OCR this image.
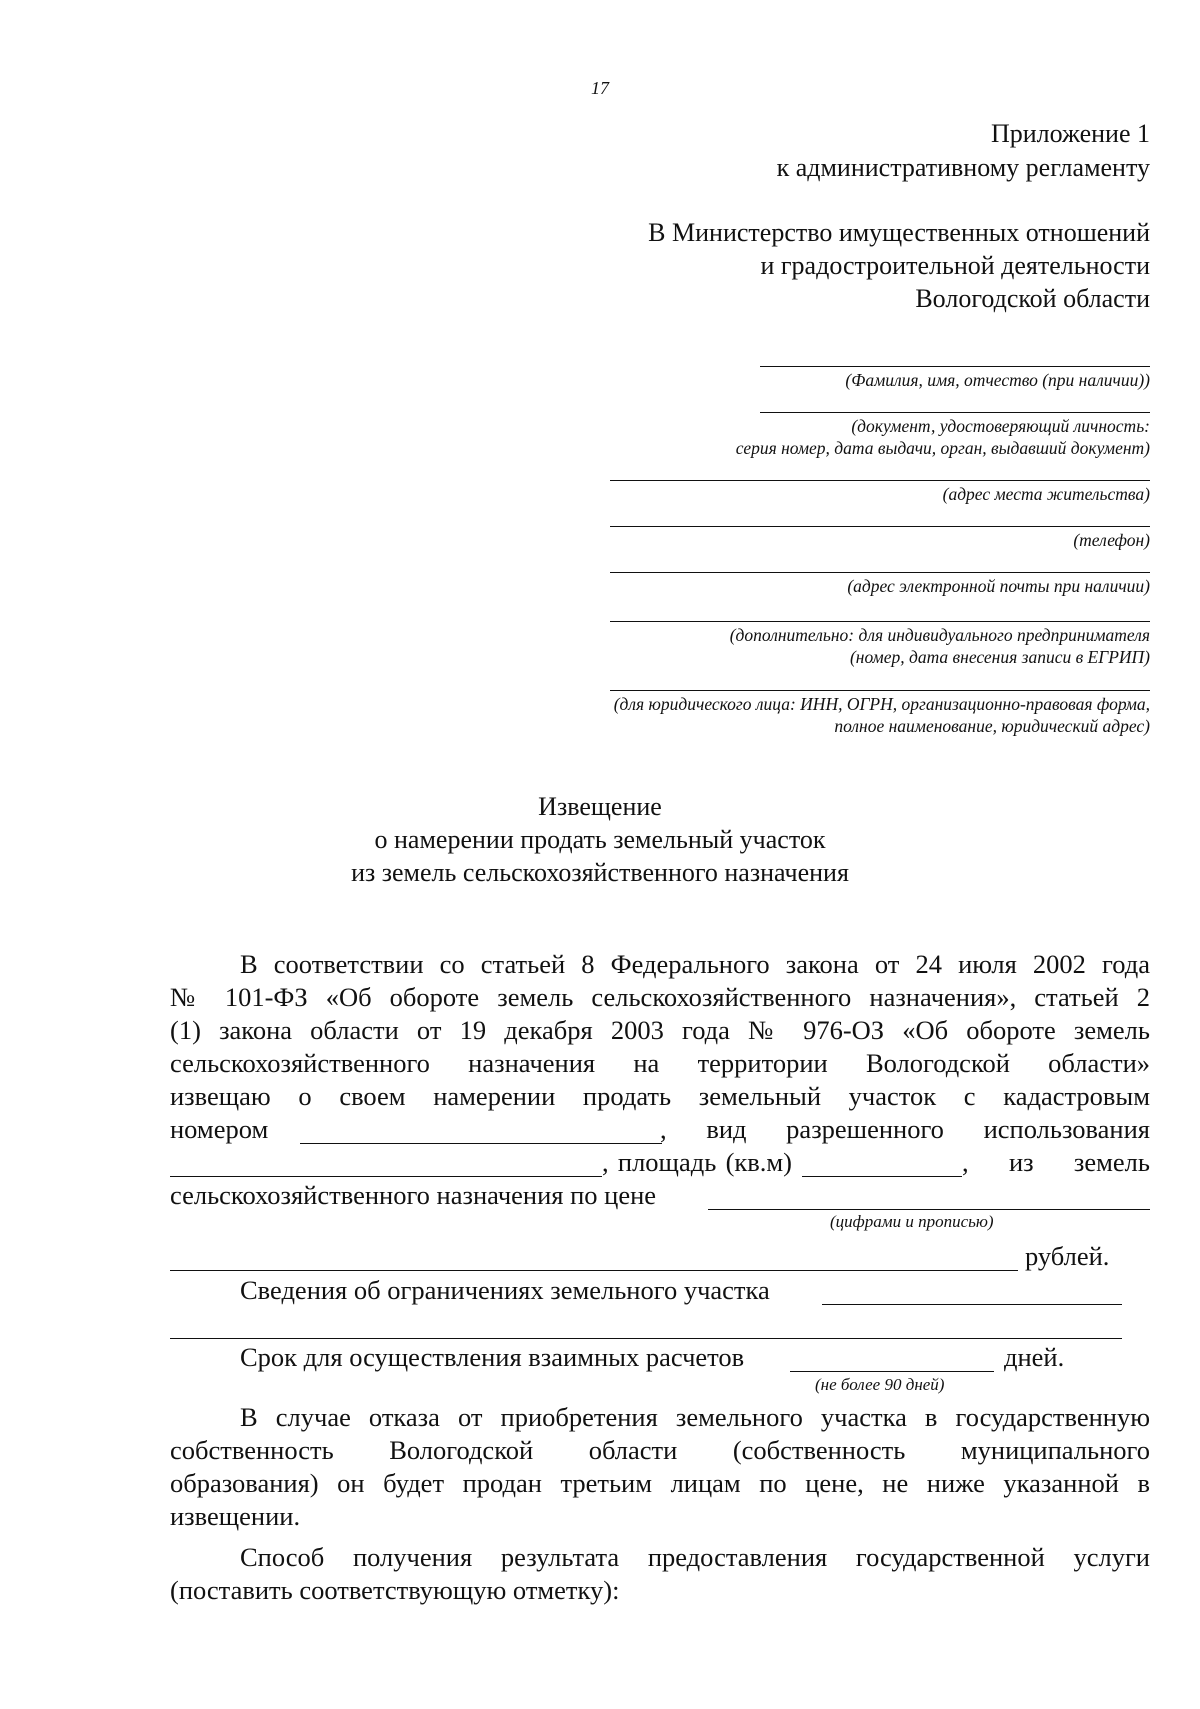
17
Приложение 1
к административному регламенту
В Министерство имущественных отношений
и градостроительной деятельности
Вологодской области
(Фамилия, имя, отчество (при наличии))
(документ, удостоверяющий личность:
серия номер, дата выдачи, орган, выдавший документ)
(адрес места жительства)
(телефон)
(адрес электронной почты при наличии)
(дополнительно: для индивидуального предпринимателя
(номер, дата внесения записи в ЕГРИП)
(для юридического лица: ИНН, ОГРН, организационно-правовая форма,
полное наименование, юридический адрес)
Извещение
о намерении продать земельный участок
из земель сельскохозяйственного назначения
В соответствии со статьей 8 Федерального закона от 24 июля 2002 года
№ 101-ФЗ «Об обороте земель сельскохозяйственного назначения», статьей 2
(1) закона области от 19 декабря 2003 года № 976-ОЗ «Об обороте земель
сельскохозяйственного назначения на территории Вологодской области»
извещаю о своем намерении продать земельный участок с кадастровым
номером	, вид разрешенного использования
, площадь (кв.м)	, из земель
сельскохозяйственного назначения по цене
(цифрами и прописью)
рублей.
Сведения об ограничениях земельного участка
Срок для осуществления взаимных расчетов	дней.
(не более 90 дней)
В случае отказа от приобретения земельного участка в государственную
собственность Вологодской области (собственность муниципального
образования) он будет продан третьим лицам по цене, не ниже указанной в
извещении.
Способ получения результата предоставления государственной услуги
(поставить соответствующую отметку):
